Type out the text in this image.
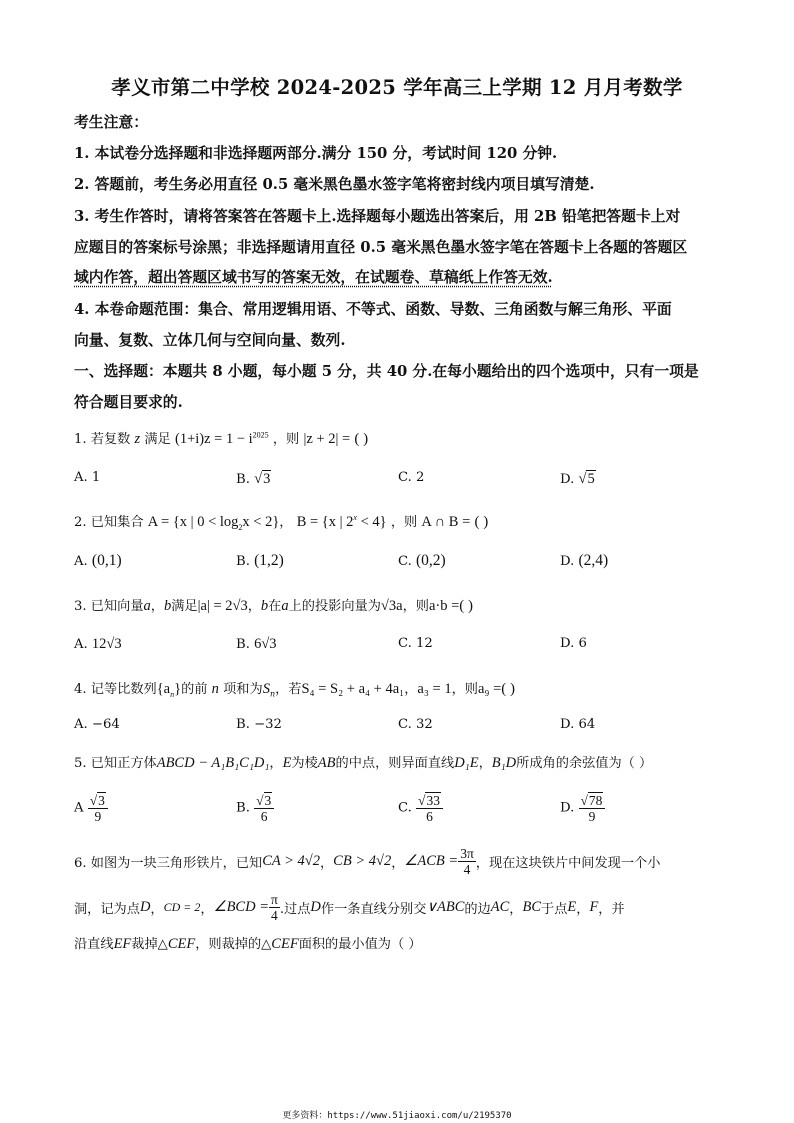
孝义市第二中学校 2024-2025 学年高三上学期 12 月月考数学
考生注意：
1. 本试卷分选择题和非选择题两部分.满分 150 分，考试时间 120 分钟.
2. 答题前，考生务必用直径 0.5 毫米黑色墨水签字笔将密封线内项目填写清楚.
3. 考生作答时，请将答案答在答题卡上.选择题每小题选出答案后，用 2B 铅笔把答题卡上对
应题目的答案标号涂黑；非选择题请用直径 0.5 毫米黑色墨水签字笔在答题卡上各题的答题区
域内作答，超出答题区域书写的答案无效，在试题卷、草稿纸上作答无效.
4. 本卷命题范围：集合、常用逻辑用语、不等式、函数、导数、三角函数与解三角形、平面
向量、复数、立体几何与空间向量、数列.
一、选择题：本题共 8 小题，每小题 5 分，共 40 分.在每小题给出的四个选项中，只有一项是
符合题目要求的.
1. 若复数 z 满足 $(1+i)z = 1 - i^{2025}$ ，则 |z + 2| = ( )
A. 1	B. √3	C. 2	D. √5
2. 已知集合 A = {x | $0 < \log_2x < 2$}， B = {x | $2^x < 4$} ，则 A ∩ B = ( )
A. (0,1)	B. (1,2)	C. (0,2)	D. (2,4)
3. 已知向量a，b满足|a| = 2√3，b在a上的投影向量为√3a，则a·b =( )
A. 12√3	B. 6√3	C. 12	D. 6
4. 记等比数列$\{a_n\}$的前 n 项和为$S_n$，若S₄ = S₂ + a₄ + 4a₁，a₃ = 1，则a₉ =( )
A. −64	B. −32	C. 32	D. 64
5. 已知正方体ABCD − A₁B₁C₁D₁，E为棱AB的中点，则异面直线D₁E，B₁D所成角的余弦值为（ ）
A $\frac{√3}{9}$	B. $\frac{√3}{6}$	C. $\frac{√33}{6}$	D. $\frac{√78}{9}$
6. 如图为一块三角形铁片，已知CA > 4√2，CB > 4√2，∠ACB = $\frac{3\pi}{4}$ ，现在这块铁片中间发现一个小
洞，记为点D，CD = 2，∠BCD = $\frac{\pi}{4}$ .过点D作一条直线分别交∨ABC的边AC，BC于点E，F，并
沿直线EF裁掉△CEF，则裁掉的△CEF面积的最小值为（ ）
更多资料：https://www.51jiaoxi.com/u/2195370
